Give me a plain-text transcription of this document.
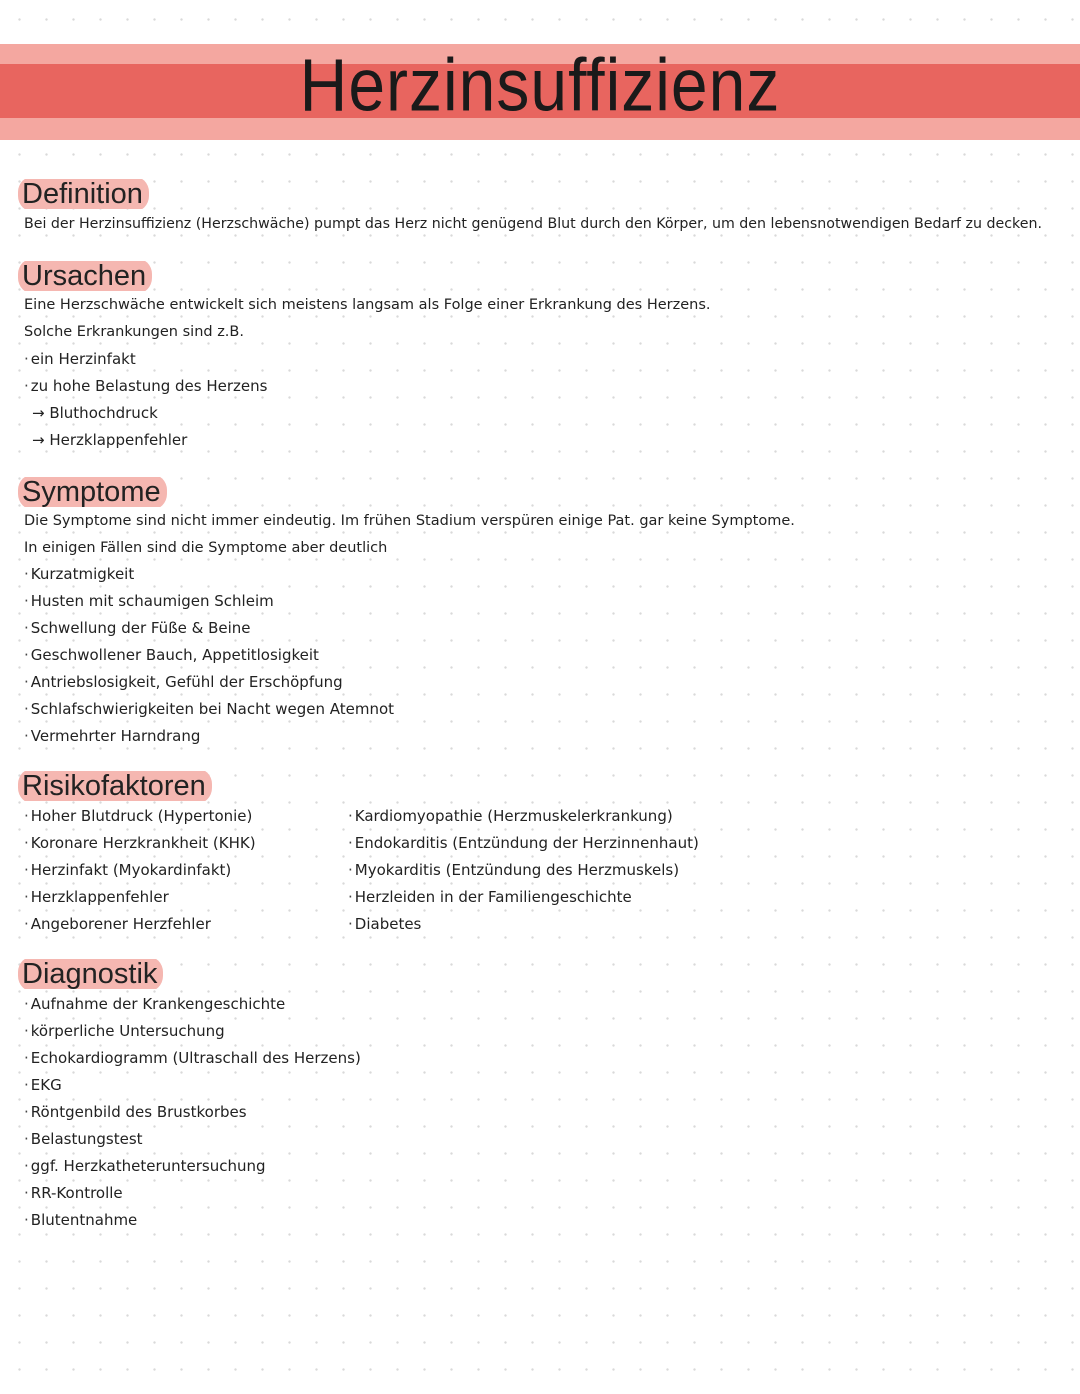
Herzinsuffizienz
Definition

Bei der Herzinsuffizienz (Herzschwäche) pumpt das Herz nicht genügend Blut durch den Körper, um den lebensnotwendigen Bedarf zu decken.

Ursachen

Eine Herzschwäche entwickelt sich meistens langsam als Folge einer Erkrankung des Herzens.

Solche Erkrankungen sind z.B.

· ein Herzinfakt
· zu hohe Belastung des Herzens
→ Bluthochdruck
→ Herzklappenfehler
Symptome

Die Symptome sind nicht immer eindeutig. Im frühen Stadium verspüren einige Pat. gar keine Symptome.

In einigen Fällen sind die Symptome aber deutlich

· Kurzatmigkeit
· Husten mit schaumigen Schleim
· Schwellung der Füße & Beine
· Geschwollener Bauch, Appetitlosigkeit
· Antriebslosigkeit, Gefühl der Erschöpfung
· Schlafschwierigkeiten bei Nacht wegen Atemnot
· Vermehrter Harndrang
Risikofaktoren
· Hoher Blutdruck (Hypertonie)
· Koronare Herzkrankheit (KHK)
· Herzinfakt (Myokardinfakt)
· Herzklappenfehler
· Angeborener Herzfehler
· Kardiomyopathie (Herzmuskelerkrankung)
· Endokarditis (Entzündung der Herzinnenhaut)
· Myokarditis (Entzündung des Herzmuskels)
· Herzleiden in der Familiengeschichte
· Diabetes
Diagnostik
· Aufnahme der Krankengeschichte
· körperliche Untersuchung
· Echokardiogramm (Ultraschall des Herzens)
· EKG
· Röntgenbild des Brustkorbes
· Belastungstest
· ggf. Herzkatheteruntersuchung
· RR-Kontrolle
· Blutentnahme
